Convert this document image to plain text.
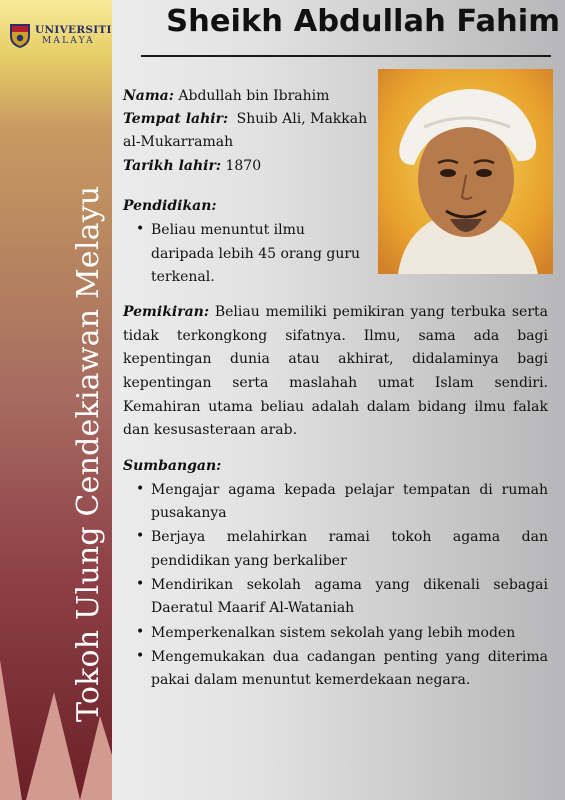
UNIVERSITI
MALAYA
Tokoh Ulung Cendekiawan Melayu
Sheikh Abdullah Fahim
Nama: Abdullah bin Ibrahim
Tempat lahir: Shuib Ali, Makkah
al-Mukarramah
Tarikh lahir: 1870
Pendidikan:
• Beliau menuntut ilmu
daripada lebih 45 orang guru
terkenal.
Pemikiran: Beliau memiliki pemikiran yang terbuka serta
tidak terkongkong sifatnya. Ilmu, sama ada bagi
kepentingan dunia atau akhirat, didalaminya bagi
kepentingan serta maslahah umat Islam sendiri.
Kemahiran utama beliau adalah dalam bidang ilmu falak
dan kesusasteraan arab.
Sumbangan:
• Mengajar agama kepada pelajar tempatan di rumah
pusakanya
• Berjaya melahirkan ramai tokoh agama dan
pendidikan yang berkaliber
• Mendirikan sekolah agama yang dikenali sebagai
Daeratul Maarif Al-Wataniah
• Memperkenalkan sistem sekolah yang lebih moden
• Mengemukakan dua cadangan penting yang diterima
pakai dalam menuntut kemerdekaan negara.
